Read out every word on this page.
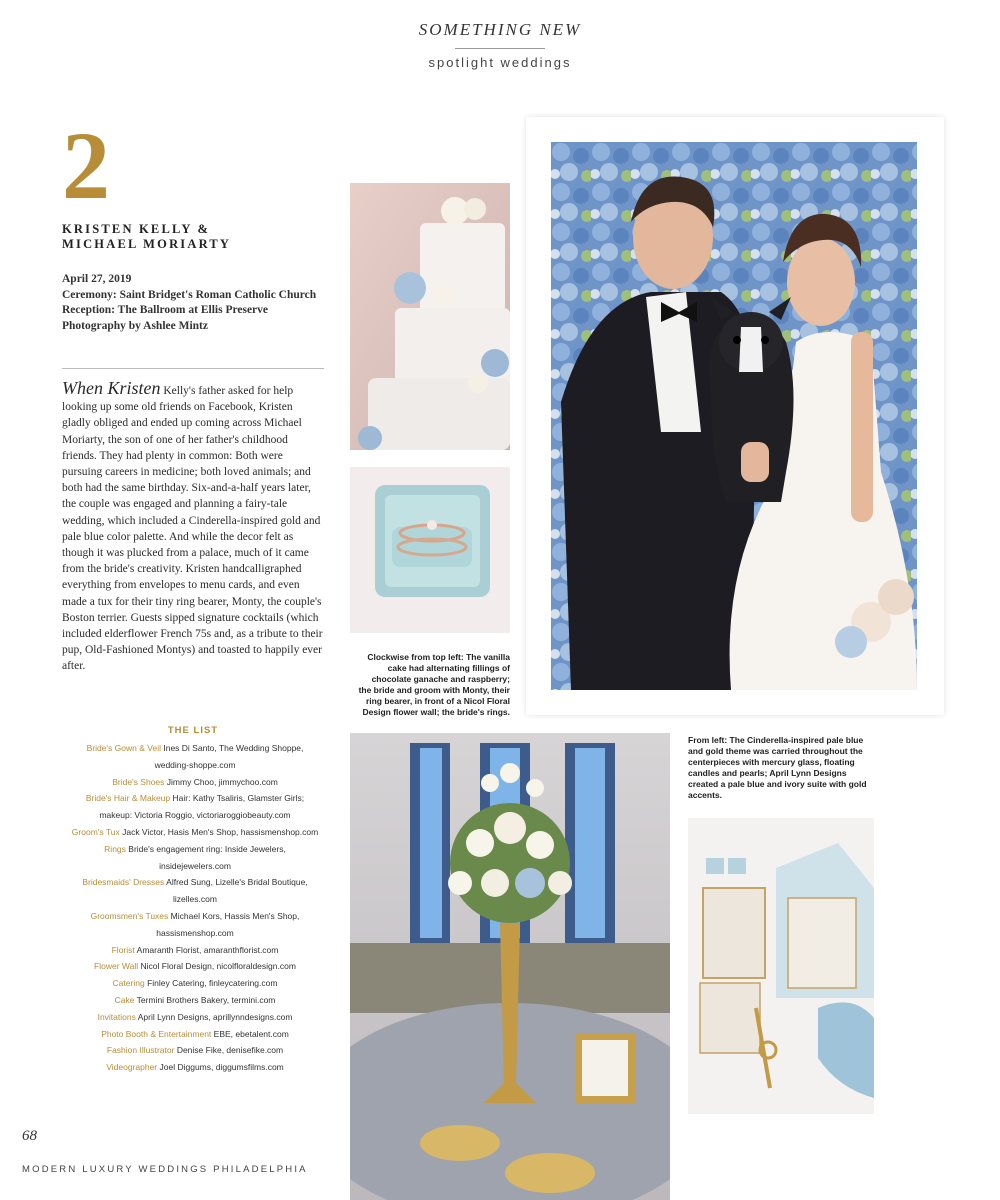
SOMETHING NEW
spotlight weddings
2
KRISTEN KELLY &
MICHAEL MORIARTY
April 27, 2019
Ceremony: Saint Bridget's Roman Catholic Church
Reception: The Ballroom at Ellis Preserve
Photography by Ashlee Mintz
When Kristen Kelly's father asked for help looking up some old friends on Facebook, Kristen gladly obliged and ended up coming across Michael Moriarty, the son of one of her father's childhood friends. They had plenty in common: Both were pursuing careers in medicine; both loved animals; and both had the same birthday. Six-and-a-half years later, the couple was engaged and planning a fairy-tale wedding, which included a Cinderella-inspired gold and pale blue color palette. And while the decor felt as though it was plucked from a palace, much of it came from the bride's creativity. Kristen handcalligraphed everything from envelopes to menu cards, and even made a tux for their tiny ring bearer, Monty, the couple's Boston terrier. Guests sipped signature cocktails (which included elderflower French 75s and, as a tribute to their pup, Old-Fashioned Montys) and toasted to happily ever after.
THE LIST
Bride's Gown & Veil Ines Di Santo, The Wedding Shoppe, wedding-shoppe.com
Bride's Shoes Jimmy Choo, jimmychoo.com
Bride's Hair & Makeup Hair: Kathy Tsaliris, Glamster Girls; makeup: Victoria Roggio, victoriaroggiobeauty.com
Groom's Tux Jack Victor, Hasis Men's Shop, hassismenshop.com
Rings Bride's engagement ring: Inside Jewelers, insidejewelers.com
Bridesmaids' Dresses Alfred Sung, Lizelle's Bridal Boutique, lizelles.com
Groomsmen's Tuxes Michael Kors, Hassis Men's Shop, hassismenshop.com
Florist Amaranth Florist, amaranthflorist.com
Flower Wall Nicol Floral Design, nicolfloraldesign.com
Catering Finley Catering, finleycatering.com
Cake Termini Brothers Bakery, termini.com
Invitations April Lynn Designs, aprillynndesigns.com
Photo Booth & Entertainment EBE, ebetalent.com
Fashion Illustrator Denise Fike, denisefike.com
Videographer Joel Diggums, diggumsfilms.com
68
MODERN LUXURY WEDDINGS PHILADELPHIA
Clockwise from top left: The vanilla cake had alternating fillings of chocolate ganache and raspberry; the bride and groom with Monty, their ring bearer, in front of a Nicol Floral Design flower wall; the bride's rings.
From left: The Cinderella-inspired pale blue and gold theme was carried throughout the centerpieces with mercury glass, floating candles and pearls; April Lynn Designs created a pale blue and ivory suite with gold accents.
